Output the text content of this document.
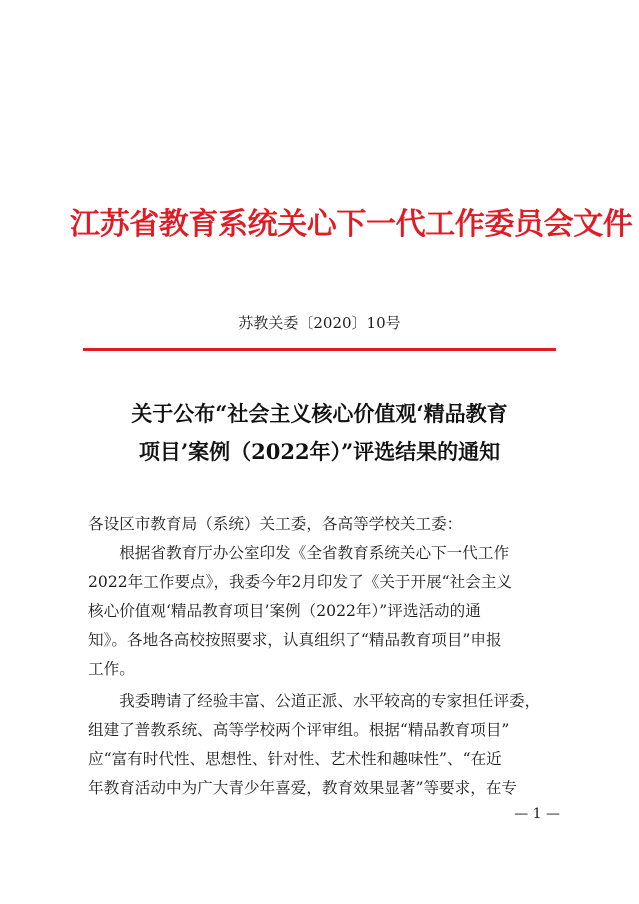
江苏省教育系统关心下一代工作委员会文件
苏教关委〔2020〕10号
关于公布“社会主义核心价值观‘精品教育
项目’案例（2022年）”评选结果的通知
各设区市教育局（系统）关工委，各高等学校关工委：
　　根据省教育厅办公室印发《全省教育系统关心下一代工作
2022年工作要点》，我委今年2月印发了《关于开展“社会主义
核心价值观‘精品教育项目’案例（2022年）”评选活动的通
知》。各地各高校按照要求，认真组织了“精品教育项目”申报
工作。
　　我委聘请了经验丰富、公道正派、水平较高的专家担任评委，
组建了普教系统、高等学校两个评审组。根据“精品教育项目”
应“富有时代性、思想性、针对性、艺术性和趣味性”、“在近
年教育活动中为广大青少年喜爱，教育效果显著”等要求，在专
— 1 —
